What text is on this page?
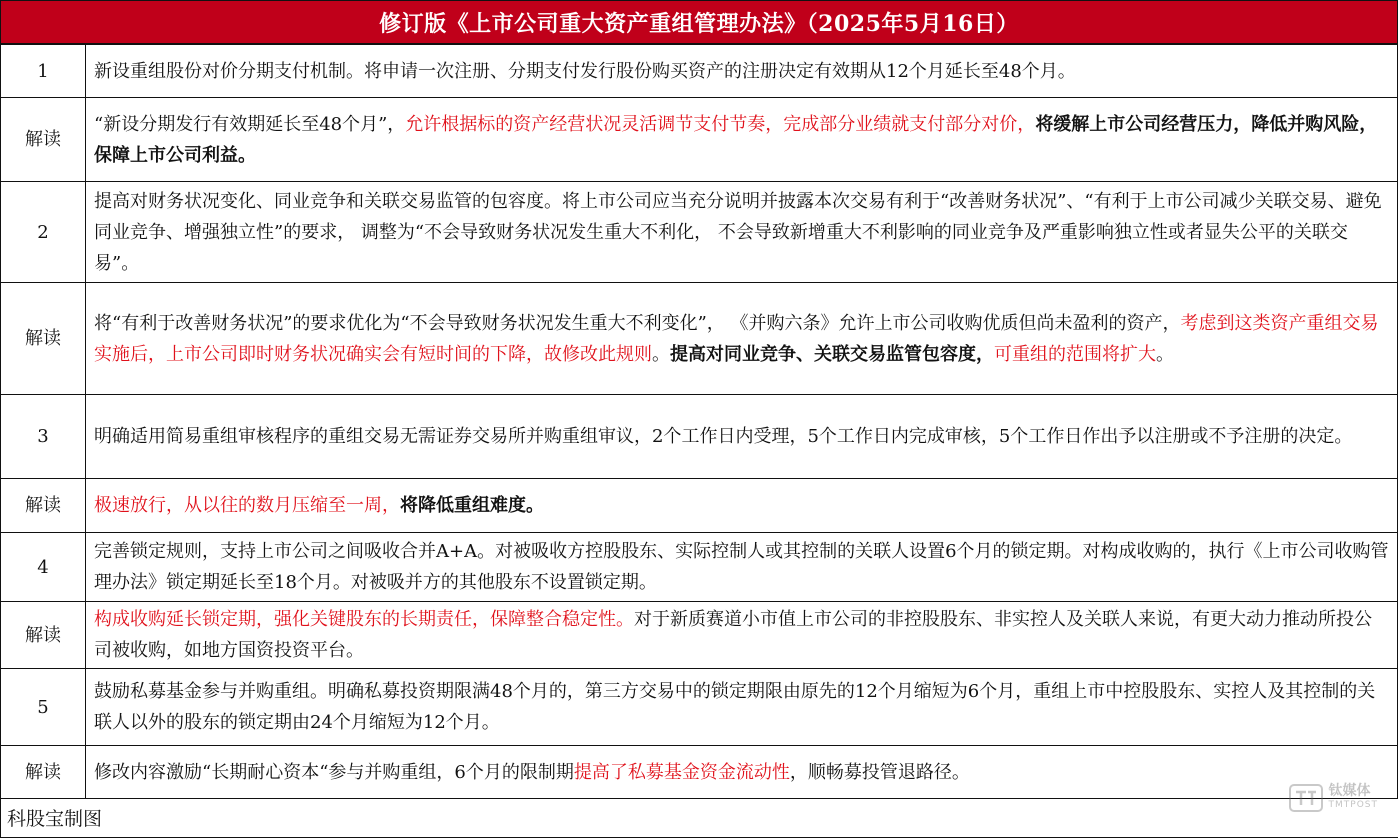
修订版《上市公司重大资产重组管理办法》（2025年5月16日）
1	新设重组股份对价分期支付机制。将申请一次注册、分期支付发行股份购买资产的注册决定有效期从12个月延长至48个月。
解读	“新设分期发行有效期延长至48个月”，允许根据标的资产经营状况灵活调节支付节奏，完成部分业绩就支付部分对价，将缓解上市公司经营压力，降低并购风险，保障上市公司利益。
2	提高对财务状况变化、同业竞争和关联交易监管的包容度。将上市公司应当充分说明并披露本次交易有利于“改善财务状况”、“有利于上市公司减少关联交易、避免同业竞争、增强独立性”的要求， 调整为“不会导致财务状况发生重大不利化， 不会导致新增重大不利影响的同业竞争及严重影响独立性或者显失公平的关联交易”。
解读	将“有利于改善财务状况”的要求优化为“不会导致财务状况发生重大不利变化”， 《并购六条》允许上市公司收购优质但尚未盈利的资产，考虑到这类资产重组交易实施后，上市公司即时财务状况确实会有短时间的下降，故修改此规则。提高对同业竞争、关联交易监管包容度，可重组的范围将扩大。
3	明确适用简易重组审核程序的重组交易无需证券交易所并购重组审议，2个工作日内受理，5个工作日内完成审核，5个工作日作出予以注册或不予注册的决定。
解读	极速放行，从以往的数月压缩至一周，将降低重组难度。
4	完善锁定规则，支持上市公司之间吸收合并A+A。对被吸收方控股股东、实际控制人或其控制的关联人设置6个月的锁定期。对构成收购的，执行《上市公司收购管理办法》锁定期延长至18个月。对被吸并方的其他股东不设置锁定期。
解读	构成收购延长锁定期，强化关键股东的长期责任，保障整合稳定性。对于新质赛道小市值上市公司的非控股股东、非实控人及关联人来说，有更大动力推动所投公司被收购，如地方国资投资平台。
5	鼓励私募基金参与并购重组。明确私募投资期限满48个月的，第三方交易中的锁定期限由原先的12个月缩短为6个月，重组上市中控股股东、实控人及其控制的关联人以外的股东的锁定期由24个月缩短为12个月。
解读	修改内容激励“长期耐心资本“参与并购重组，6个月的限制期提高了私募基金资金流动性，顺畅募投管退路径。
科股宝制图
钛媒体
TMTPOST
